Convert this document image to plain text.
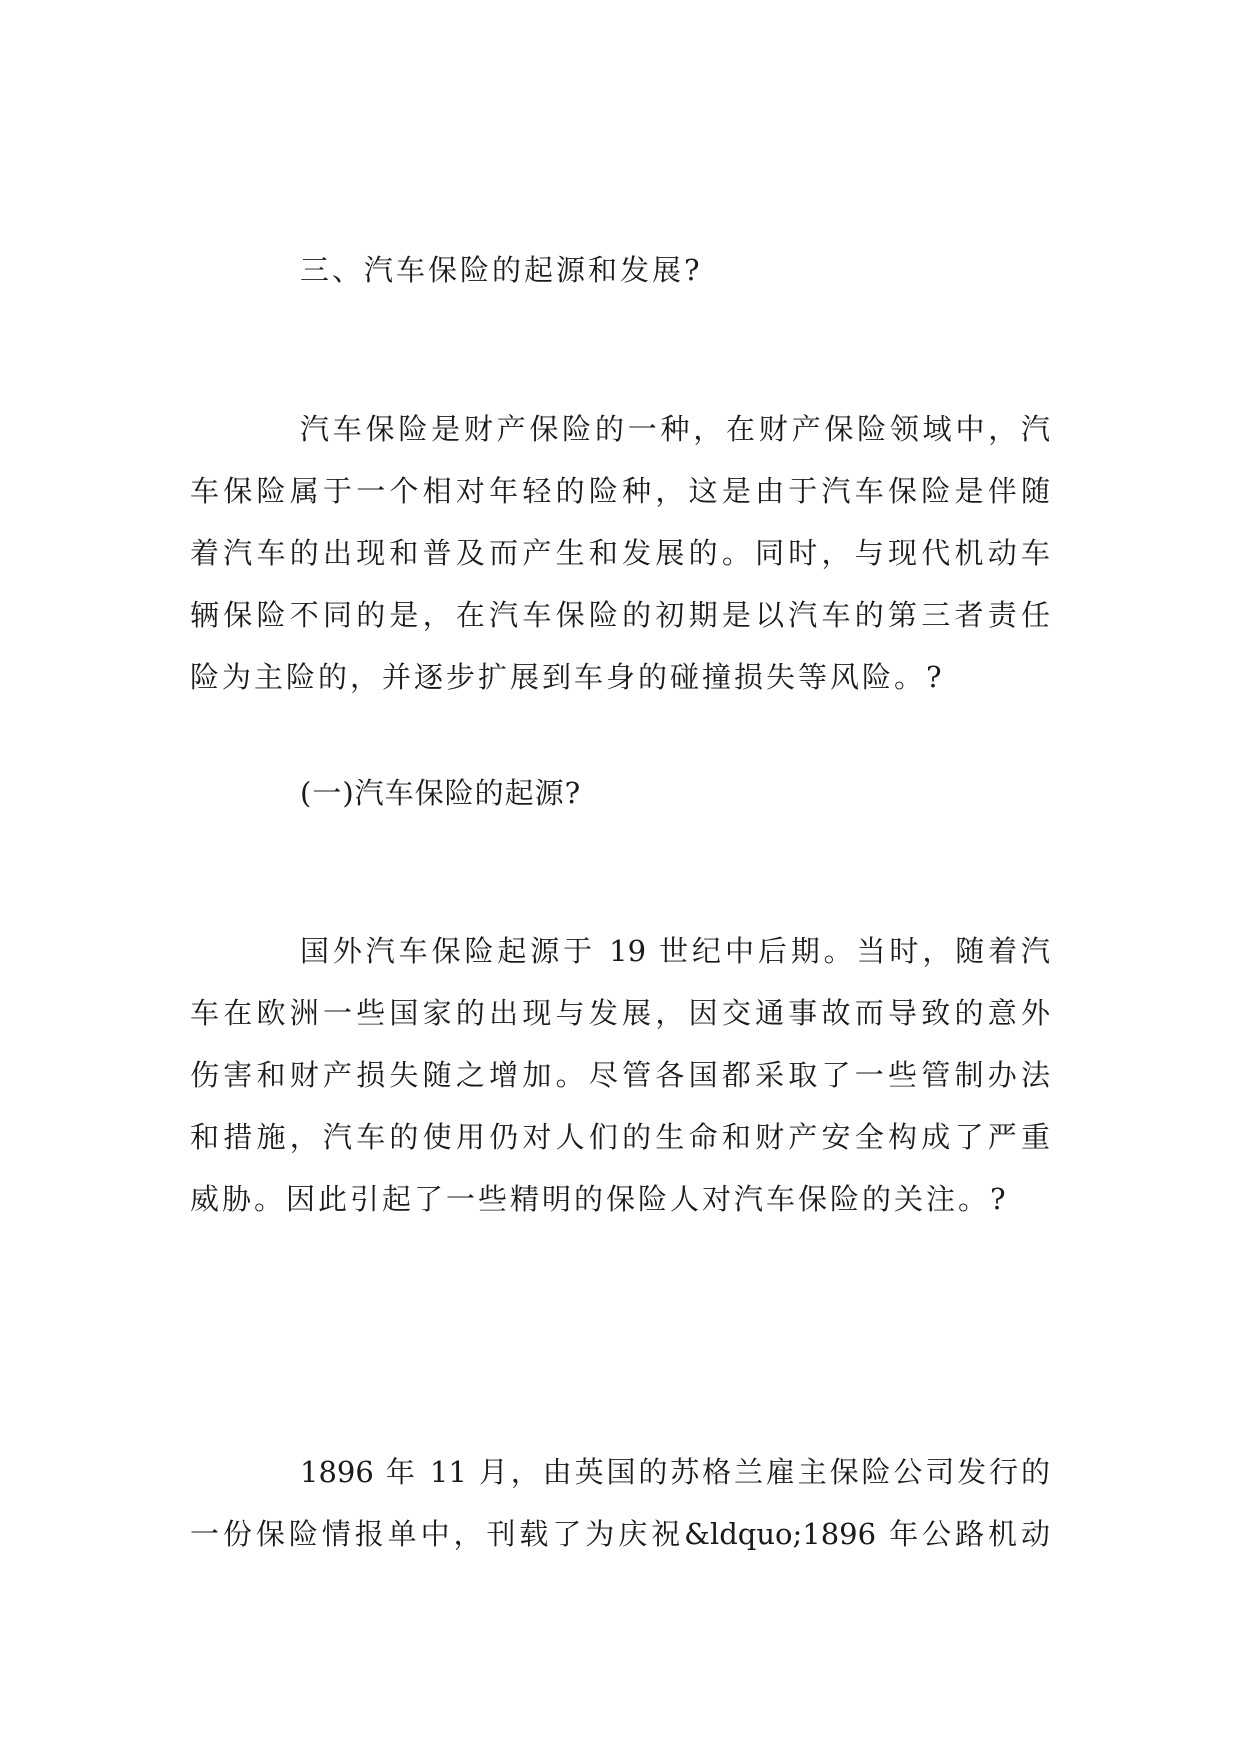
三、汽车保险的起源和发展?

汽车保险是财产保险的一种，在财产保险领域中，汽
车保险属于一个相对年轻的险种，这是由于汽车保险是伴随
着汽车的出现和普及而产生和发展的。同时，与现代机动车
辆保险不同的是，在汽车保险的初期是以汽车的第三者责任
险为主险的，并逐步扩展到车身的碰撞损失等风险。?

(一)汽车保险的起源?

国外汽车保险起源于 19 世纪中后期。当时，随着汽
车在欧洲一些国家的出现与发展，因交通事故而导致的意外
伤害和财产损失随之增加。尽管各国都采取了一些管制办法
和措施，汽车的使用仍对人们的生命和财产安全构成了严重
威胁。因此引起了一些精明的保险人对汽车保险的关注。?
1896 年 11 月，由英国的苏格兰雇主保险公司发行的
一份保险情报单中，刊载了为庆祝&ldquo;1896 年公路机动
